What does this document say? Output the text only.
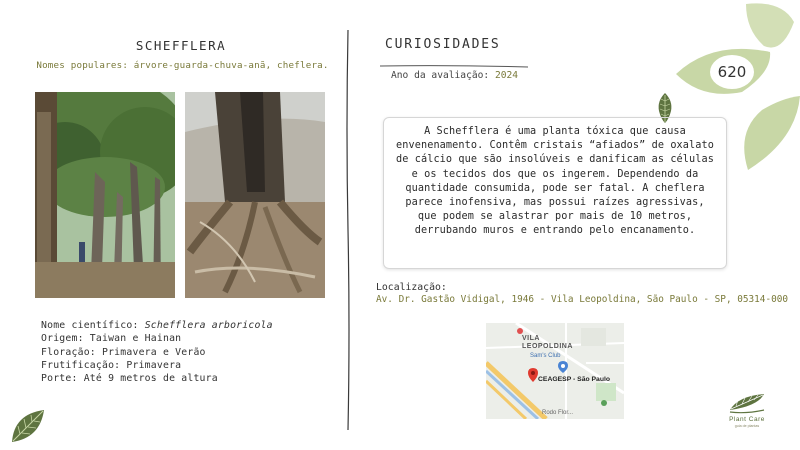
SCHEFFLERA
Nomes populares: árvore-guarda-chuva-anã, cheflera.
Nome científico: Schefflera arboricola
Origem: Taiwan e Hainan
Floração: Primavera e Verão
Frutificação: Primavera
Porte: Até 9 metros de altura
CURIOSIDADES
Ano da avaliação: 2024	620
A Schefflera é uma planta tóxica que causa envenenamento. Contêm cristais “afiados” de oxalato de cálcio que são insolúveis e danificam as células e os tecidos dos que os ingerem. Dependendo da quantidade consumida, pode ser fatal. A cheflera parece inofensiva, mas possui raízes agressivas, que podem se alastrar por mais de 10 metros, derrubando muros e entrando pelo encanamento.
Localização:
Av. Dr. Gastão Vidigal, 1946 - Vila Leopoldina, São Paulo - SP, 05314-000
VILA
LEOPOLDINA
Sam's Club
CEAGESP - São Paulo
Rodo Flor...
Plant Care
guia de plantas
